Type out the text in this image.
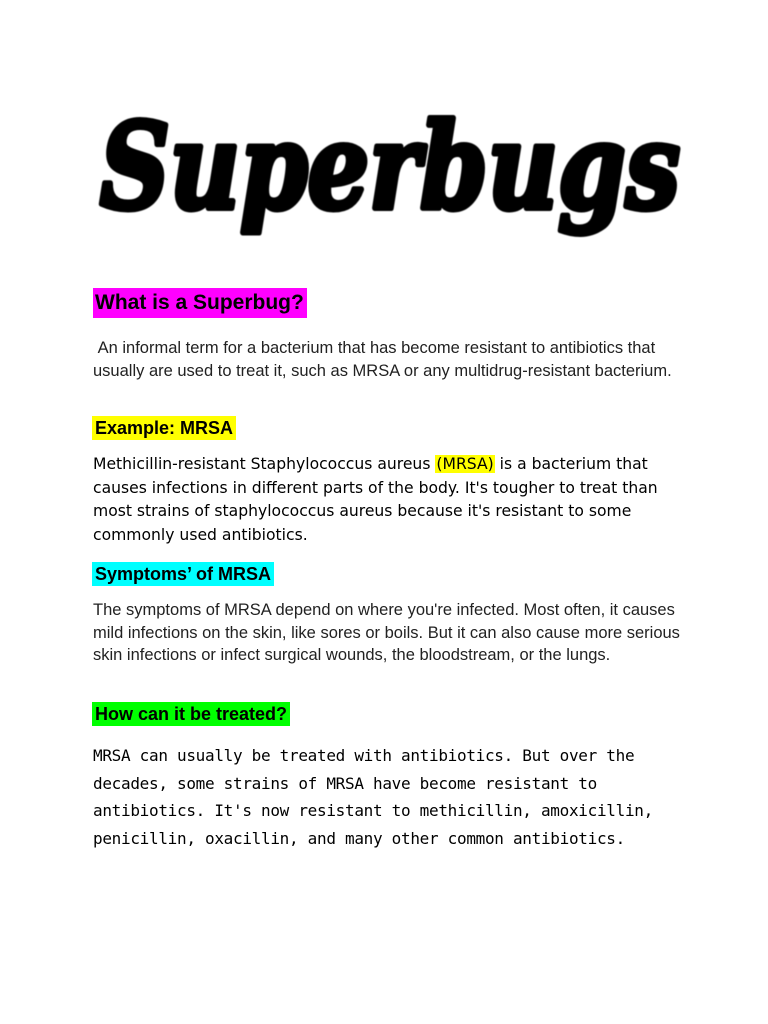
Superbugs
What is a Superbug?

An informal term for a bacterium that has become resistant to antibiotics that usually are used to treat it, such as MRSA or any multidrug-resistant bacterium.

Example: MRSA

Methicillin-resistant Staphylococcus aureus (MRSA) is a bacterium that causes infections in different parts of the body. It's tougher to treat than most strains of staphylococcus aureus because it's resistant to some commonly used antibiotics.

Symptoms’ of MRSA

The symptoms of MRSA depend on where you're infected. Most often, it causes mild infections on the skin, like sores or boils. But it can also cause more serious skin infections or infect surgical wounds, the bloodstream, or the lungs.

How can it be treated?

MRSA can usually be treated with antibiotics. But over the decades, some strains of MRSA have become resistant to antibiotics. It's now resistant to methicillin, amoxicillin, penicillin, oxacillin, and many other common antibiotics.
